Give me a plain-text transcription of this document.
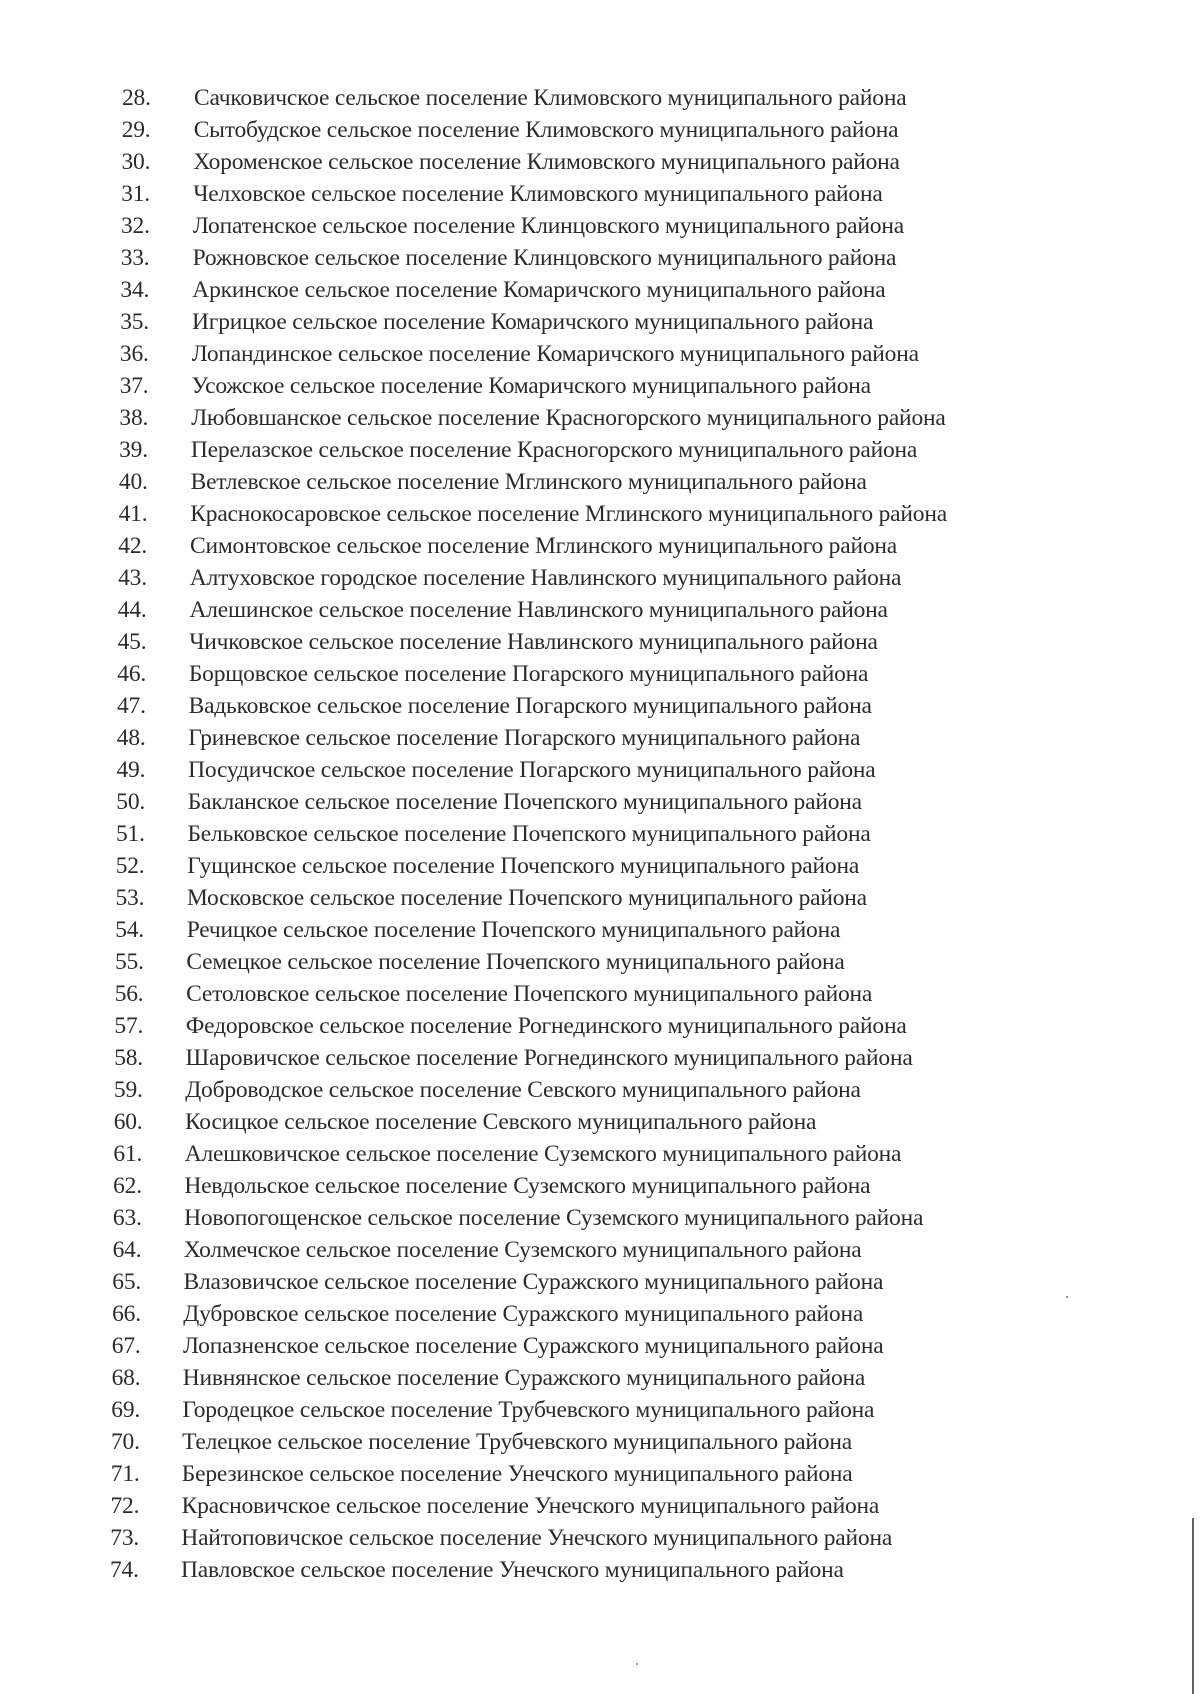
28.	Сачковичское сельское поселение Климовского муниципального района
29.	Сытобудское сельское поселение Климовского муниципального района
30.	Хороменское сельское поселение Климовского муниципального района
31.	Челховское сельское поселение Климовского муниципального района
32.	Лопатенское сельское поселение Клинцовского муниципального района
33.	Рожновское сельское поселение Клинцовского муниципального района
34.	Аркинское сельское поселение Комаричского муниципального района
35.	Игрицкое сельское поселение Комаричского муниципального района
36.	Лопандинское сельское поселение Комаричского муниципального района
37.	Усожское сельское поселение Комаричского муниципального района
38.	Любовшанское сельское поселение Красногорского муниципального района
39.	Перелазское сельское поселение Красногорского муниципального района
40.	Ветлевское сельское поселение Мглинского муниципального района
41.	Краснокосаровское сельское поселение Мглинского муниципального района
42.	Симонтовское сельское поселение Мглинского муниципального района
43.	Алтуховское городское поселение Навлинского муниципального района
44.	Алешинское сельское поселение Навлинского муниципального района
45.	Чичковское сельское поселение Навлинского муниципального района
46.	Борщовское сельское поселение Погарского муниципального района
47.	Вадьковское сельское поселение Погарского муниципального района
48.	Гриневское сельское поселение Погарского муниципального района
49.	Посудичское сельское поселение Погарского муниципального района
50.	Бакланское сельское поселение Почепского муниципального района
51.	Бельковское сельское поселение Почепского муниципального района
52.	Гущинское сельское поселение Почепского муниципального района
53.	Московское сельское поселение Почепского муниципального района
54.	Речицкое сельское поселение Почепского муниципального района
55.	Семецкое сельское поселение Почепского муниципального района
56.	Сетоловское сельское поселение Почепского муниципального района
57.	Федоровское сельское поселение Рогнединского муниципального района
58.	Шаровичское сельское поселение Рогнединского муниципального района
59.	Доброводское сельское поселение Севского муниципального района
60.	Косицкое сельское поселение Севского муниципального района
61.	Алешковичское сельское поселение Суземского муниципального района
62.	Невдольское сельское поселение Суземского муниципального района
63.	Новопогощенское сельское поселение Суземского муниципального района
64.	Холмечское сельское поселение Суземского муниципального района
65.	Влазовичское сельское поселение Суражского муниципального района
66.	Дубровское сельское поселение Суражского муниципального района
67.	Лопазненское сельское поселение Суражского муниципального района
68.	Нивнянское сельское поселение Суражского муниципального района
69.	Городецкое сельское поселение Трубчевского муниципального района
70.	Телецкое сельское поселение Трубчевского муниципального района
71.	Березинское сельское поселение Унечского муниципального района
72.	Красновичское сельское поселение Унечского муниципального района
73.	Найтоповичское сельское поселение Унечского муниципального района
74.	Павловское сельское поселение Унечского муниципального района
